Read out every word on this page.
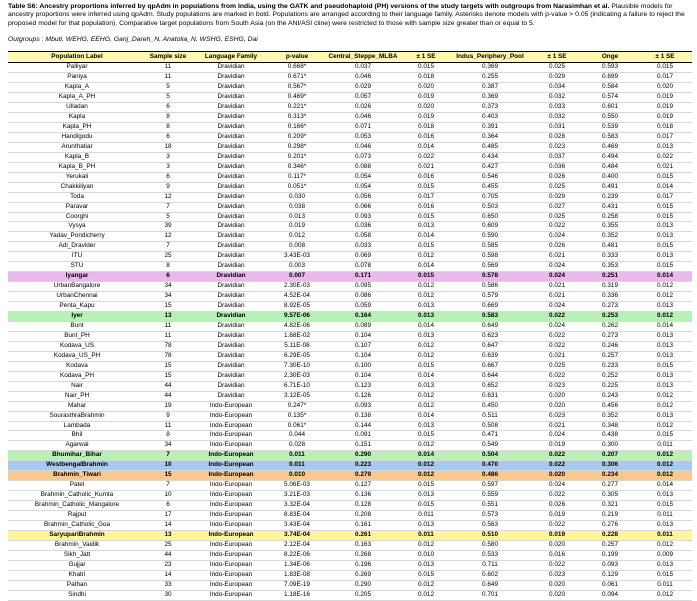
Table S6: Ancestry proportions inferred by qpAdm in populations from India, using the GATK and pseudohaploid (PH) versions of the study targets with outgroups from Narasimhan et al. Plausible models for ancestry proportions were inferred using qpAdm. Study populations are marked in bold. Populations are arranged according to their language family. Asterisks denote models with p-value > 0.05 (indicating a failure to reject the proposed model for that population). Comparative target populations from South Asia (on the ANI/ASI cline) were restricted to those with sample size greater than or equal to 5.

Outgroups : Mbuti, WEHG, EEHG, Ganj_Dareh_N, Anatolia_N, WSHG, ESHG, Dai

Population Label	Sample size	Language Family	p-value	Central_Steppe_MLBA	± 1 SE	Indus_Periphery_Pool	± 1 SE	Onge	± 1 SE
Palliyar	11	Dravidian	0.668*	0.037	0.015	0.369	0.025	0.593	0.015
Paniya	11	Dravidian	0.671*	0.046	0.018	0.255	0.029	0.699	0.017
Kapla_A	5	Dravidian	0.567*	0.029	0.020	0.387	0.034	0.584	0.020
Kapla_A_PH	5	Dravidian	0.469*	0.057	0.019	0.369	0.032	0.574	0.019
Ulladan	6	Dravidian	0.221*	0.026	0.020	0.373	0.033	0.601	0.019
Kapla	8	Dravidian	0.313*	0.046	0.019	0.403	0.032	0.550	0.019
Kapla_PH	8	Dravidian	0.166*	0.071	0.018	0.391	0.031	0.539	0.018
Handigodu	6	Dravidian	0.209*	0.053	0.016	0.364	0.028	0.583	0.017
Arunthatiar	18	Dravidian	0.298*	0.046	0.014	0.485	0.023	0.469	0.013
Kapla_B	3	Dravidian	0.201*	0.073	0.022	0.434	0.037	0.494	0.022
Kapla_B_PH	3	Dravidian	0.346*	0.088	0.021	0.427	0.036	0.484	0.021
Yerukali	6	Dravidian	0.117*	0.054	0.016	0.546	0.026	0.400	0.015
Chakkiliyan	9	Dravidian	0.051*	0.054	0.015	0.455	0.025	0.491	0.014
Toda	12	Dravidian	0.030	0.056	0.017	0.705	0.029	0.239	0.017
Paravar	7	Dravidian	0.038	0.066	0.016	0.503	0.027	0.431	0.015
Coorghi	5	Dravidian	0.013	0.093	0.015	0.650	0.025	0.258	0.015
Vysya	39	Dravidian	0.019	0.036	0.013	0.609	0.022	0.355	0.013
Yadav_Pondicherry	12	Dravidian	0.012	0.058	0.014	0.590	0.024	0.352	0.013
Adi_Dravider	7	Dravidian	0.008	0.033	0.015	0.585	0.026	0.481	0.015
ITU	25	Dravidian	3.43E-03	0.069	0.012	0.598	0.021	0.333	0.013
STU	8	Dravidian	0.003	0.078	0.014	0.569	0.024	0.353	0.015
Iyangar	6	Dravidian	0.007	0.171	0.015	0.578	0.024	0.251	0.014
UrbanBangalore	34	Dravidian	2.30E-03	0.095	0.012	0.586	0.021	0.319	0.012
UrbanChennai	34	Dravidian	4.52E-04	0.086	0.012	0.579	0.021	0.336	0.012
Penta_Kapu	15	Dravidian	8.92E-05	0.059	0.013	0.669	0.024	0.273	0.013
Iyer	13	Dravidian	9.57E-06	0.164	0.013	0.583	0.022	0.253	0.012
Bunt	11	Dravidian	4.82E-06	0.089	0.014	0.649	0.024	0.262	0.014
Bunt_PH	11	Dravidian	1.68E-02	0.104	0.013	0.623	0.022	0.273	0.013
Kodava_US	78	Dravidian	5.11E-08	0.107	0.012	0.647	0.022	0.246	0.013
Kodava_US_PH	78	Dravidian	6.29E-05	0.104	0.012	0.639	0.021	0.257	0.013
Kodava	15	Dravidian	7.30E-10	0.100	0.015	0.667	0.025	0.233	0.015
Kodava_PH	15	Dravidian	2.30E-03	0.104	0.014	0.644	0.022	0.252	0.013
Nair	44	Dravidian	6.71E-10	0.123	0.013	0.652	0.023	0.225	0.013
Nair_PH	44	Dravidian	3.12E-05	0.126	0.012	0.631	0.020	0.243	0.012
Mahar	19	Indo-European	0.247*	0.093	0.012	0.450	0.020	0.456	0.012
SourasthraBrahmin	9	Indo-European	0.135*	0.138	0.014	0.511	0.023	0.352	0.013
Lambada	11	Indo-European	0.061*	0.144	0.013	0.508	0.021	0.348	0.012
Bhil	8	Indo-European	0.044	0.091	0.015	0.471	0.024	0.438	0.015
Agarwal	34	Indo-European	0.028	0.151	0.012	0.549	0.019	0.300	0.011
Bhumihar_Bihar	7	Indo-European	0.011	0.290	0.014	0.504	0.022	0.207	0.012
WestbengalBrahmin	10	Indo-European	0.011	0.223	0.012	0.470	0.022	0.306	0.012
Brahmin_Tiwari	15	Indo-European	0.010	0.279	0.012	0.486	0.020	0.234	0.012
Patel	7	Indo-European	5.06E-03	0.127	0.015	0.597	0.024	0.277	0.014
Brahmin_Catholic_Kumta	10	Indo-European	3.21E-03	0.136	0.013	0.559	0.022	0.305	0.013
Brahmin_Catholic_Mangalore	6	Indo-European	3.32E-04	0.128	0.015	0.551	0.026	0.321	0.015
Rajput	17	Indo-European	8.83E-04	0.208	0.011	0.573	0.019	0.219	0.011
Brahmin_Catholic_Goa	14	Indo-European	3.43E-04	0.161	0.013	0.563	0.022	0.276	0.013
SaryupariBrahmin	13	Indo-European	3.74E-04	0.261	0.011	0.510	0.019	0.228	0.011
Brahmin_Vaidik	25	Indo-European	2.12E-04	0.163	0.012	0.580	0.020	0.257	0.012
Sikh_Jatt	44	Indo-European	8.22E-06	0.268	0.010	0.533	0.016	0.199	0.009
Gujjar	23	Indo-European	1.34E-06	0.196	0.013	0.711	0.022	0.093	0.013
Khatri	14	Indo-European	1.83E-08	0.269	0.015	0.602	0.023	0.129	0.015
Pathan	33	Indo-European	7.09E-19	0.290	0.012	0.649	0.020	0.061	0.011
Sindhi	30	Indo-European	1.18E-16	0.205	0.012	0.701	0.020	0.094	0.012
